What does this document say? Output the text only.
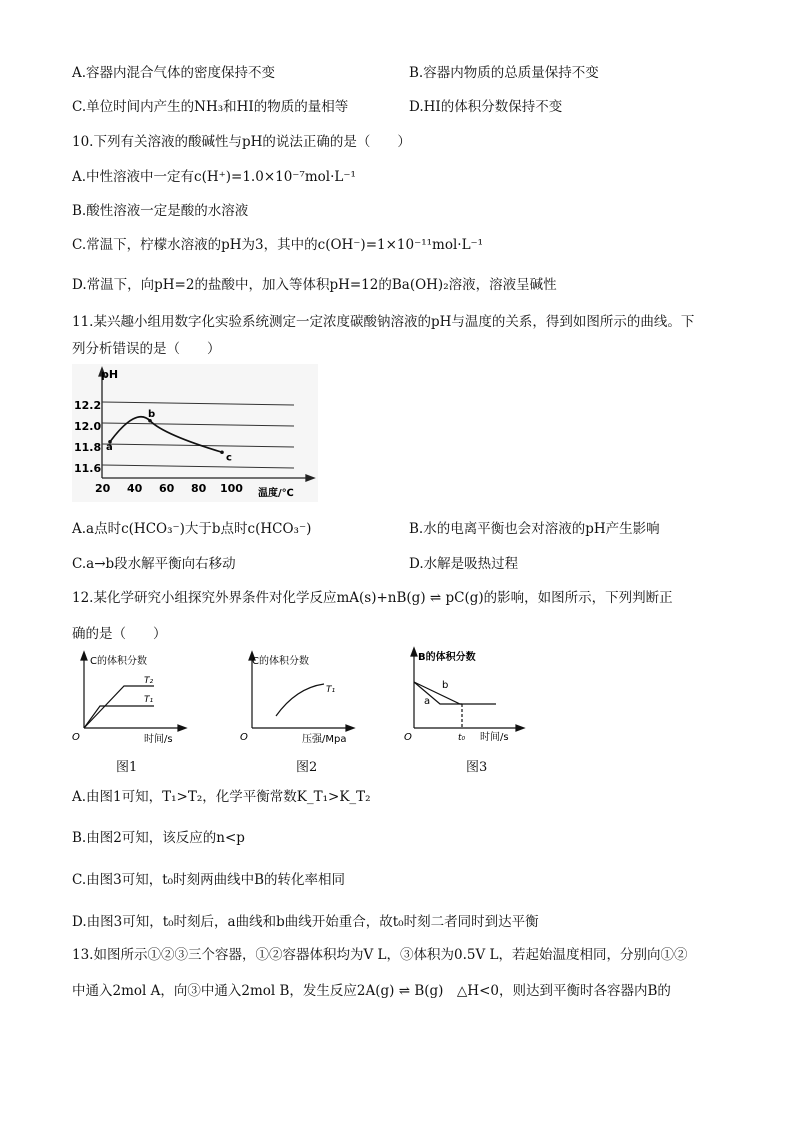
A.容器内混合气体的密度保持不变	B.容器内物质的总质量保持不变
C.单位时间内产生的NH₃和HI的物质的量相等	D.HI的体积分数保持不变
10.下列有关溶液的酸碱性与pH的说法正确的是（　　）
A.中性溶液中一定有c(H⁺)=1.0×10⁻⁷mol·L⁻¹
B.酸性溶液一定是酸的水溶液
C.常温下，柠檬水溶液的pH为3，其中的c(OH⁻)=1×10⁻¹¹mol·L⁻¹
D.常温下，向pH=2的盐酸中，加入等体积pH=12的Ba(OH)₂溶液，溶液呈碱性
11.某兴趣小组用数字化实验系统测定一定浓度碳酸钠溶液的pH与温度的关系，得到如图所示的曲线。下
列分析错误的是（　　）
a
b
c
12.2
12.0
11.8
11.6
20 40 60 80 100
pH
温度/℃
A.a点时c(HCO₃⁻)大于b点时c(HCO₃⁻)	B.水的电离平衡也会对溶液的pH产生影响
C.a→b段水解平衡向右移动	D.水解是吸热过程
12.某化学研究小组探究外界条件对化学反应mA(s)+nB(g) ⇌ pC(g)的影响，如图所示，下列判断正
确的是（　　）
C的体积分数
T₂
T₁
O	时间/s
图1
C的体积分数
T₁
O	压强/Mpa
图2
B的体积分数
a
b
O	t₀ 时间/s
图3
A.由图1可知，T₁>T₂，化学平衡常数K_T₁>K_T₂
B.由图2可知，该反应的n<p
C.由图3可知，t₀时刻两曲线中B的转化率相同
D.由图3可知，t₀时刻后，a曲线和b曲线开始重合，故t₀时刻二者同时到达平衡
13.如图所示①②③三个容器，①②容器体积均为V L，③体积为0.5V L，若起始温度相同，分别向①②
中通入2mol A，向③中通入2mol B，发生反应2A(g) ⇌ B(g)　△H<0，则达到平衡时各容器内B的
